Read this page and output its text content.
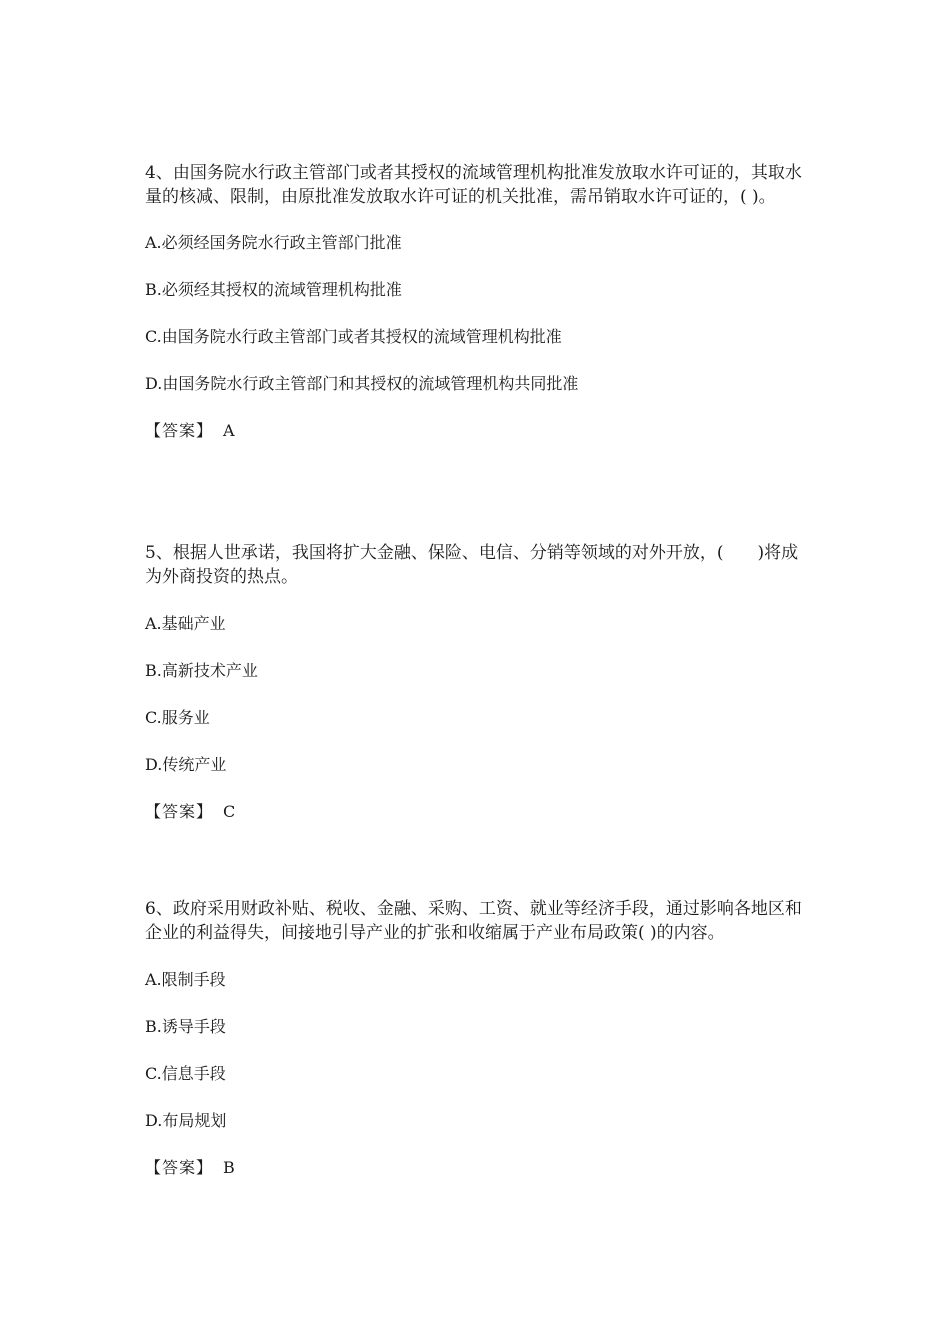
4、由国务院水行政主管部门或者其授权的流域管理机构批准发放取水许可证的，其取水量的核减、限制，由原批准发放取水许可证的机关批准，需吊销取水许可证的，( )。

A.必须经国务院水行政主管部门批准

B.必须经其授权的流域管理机构批准

C.由国务院水行政主管部门或者其授权的流域管理机构批准

D.由国务院水行政主管部门和其授权的流域管理机构共同批准

【答案】 A

5、根据人世承诺，我国将扩大金融、保险、电信、分销等领域的对外开放，(　　)将成为外商投资的热点。

A.基础产业

B.高新技术产业

C.服务业

D.传统产业

【答案】 C

6、政府采用财政补贴、税收、金融、采购、工资、就业等经济手段，通过影响各地区和企业的利益得失，间接地引导产业的扩张和收缩属于产业布局政策( )的内容。

A.限制手段

B.诱导手段

C.信息手段

D.布局规划

【答案】 B
